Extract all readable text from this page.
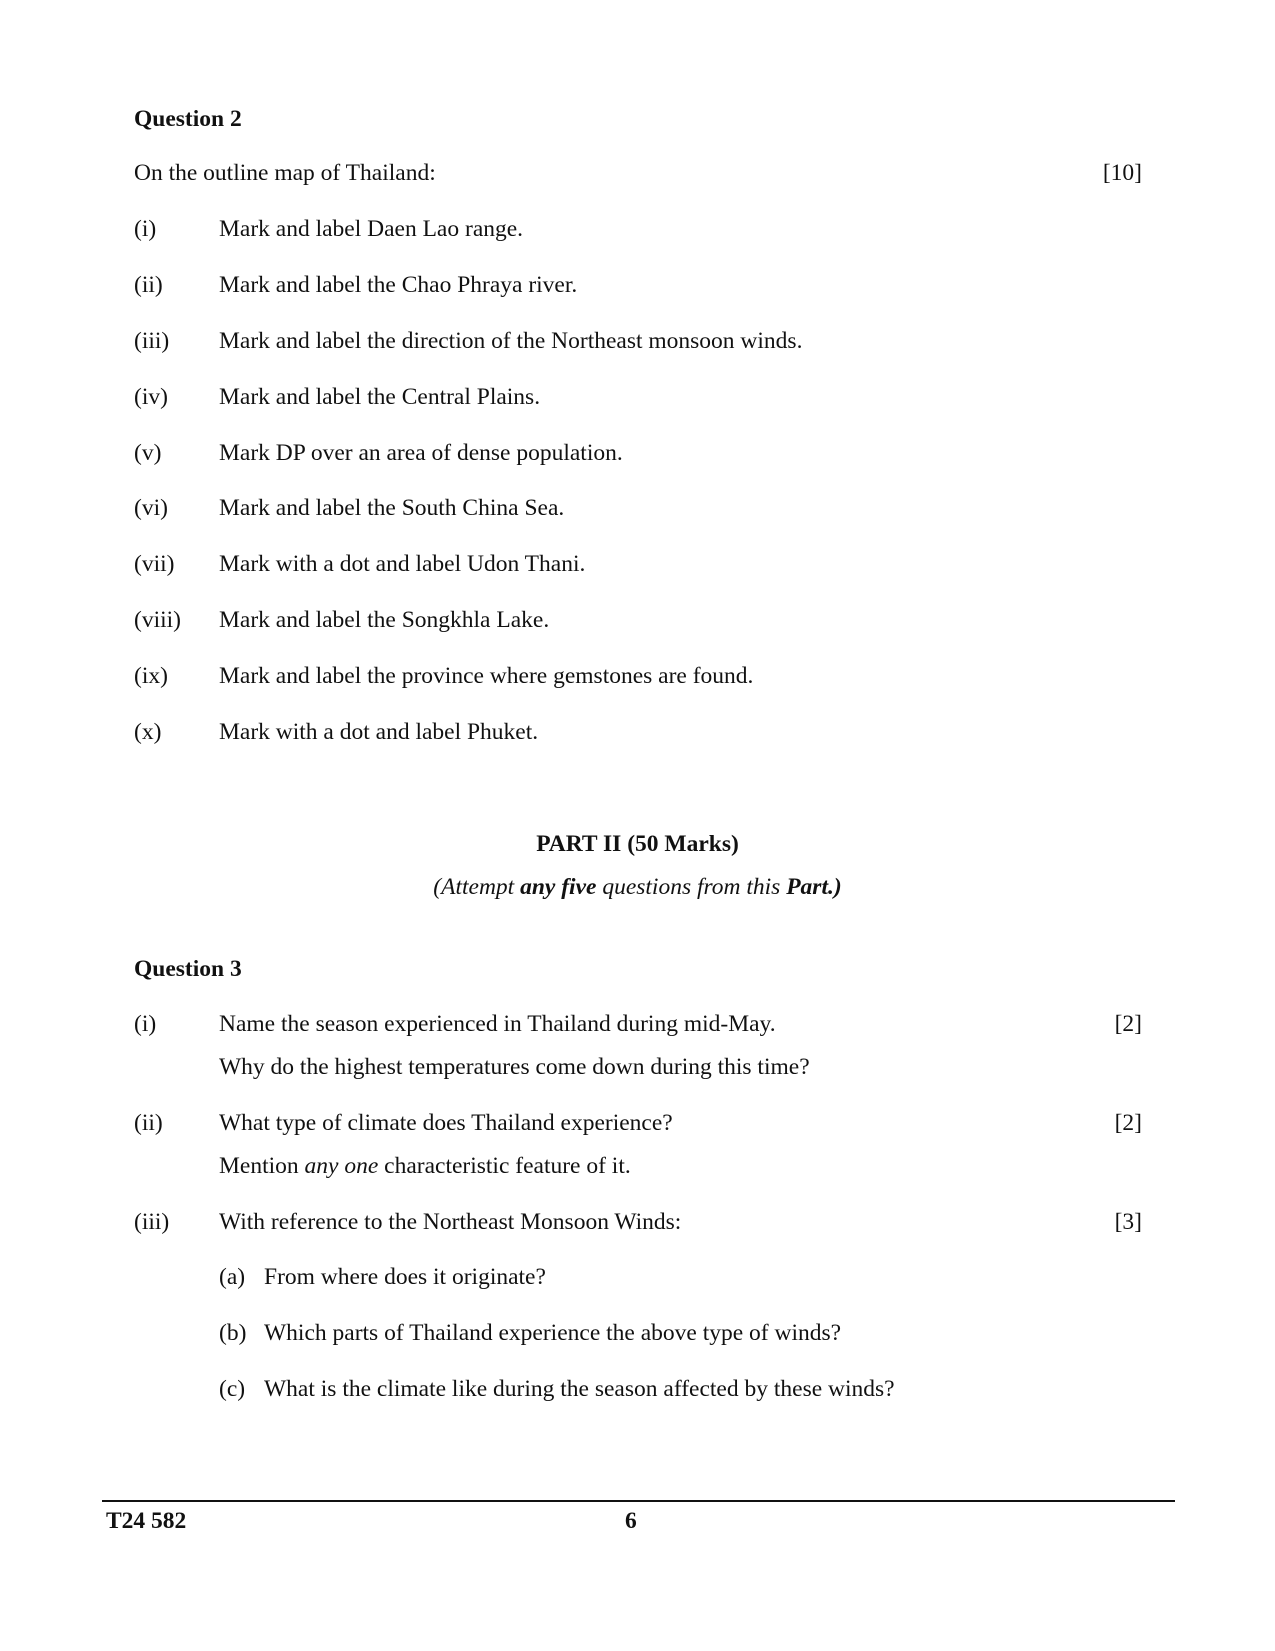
Question 2
On the outline map of Thailand:	[10]
(i)	Mark and label Daen Lao range.
(ii) Mark and label the Chao Phraya river.
(iii) Mark and label the direction of the Northeast monsoon winds.
(iv) Mark and label the Central Plains.
(v) Mark DP over an area of dense population.
(vi) Mark and label the South China Sea.
(vii) Mark with a dot and label Udon Thani.
(viii) Mark and label the Songkhla Lake.
(ix) Mark and label the province where gemstones are found.
(x) Mark with a dot and label Phuket.
PART II (50 Marks)
(Attempt any five questions from this Part.)
Question 3
(i)	Name the season experienced in Thailand during mid-May.	[2]
Why do the highest temperatures come down during this time?
(ii) What type of climate does Thailand experience?	[2]
Mention any one characteristic feature of it.
(iii) With reference to the Northeast Monsoon Winds:	[3]
(a) From where does it originate?
(b) Which parts of Thailand experience the above type of winds?
(c) What is the climate like during the season affected by these winds?
T24 582	6
